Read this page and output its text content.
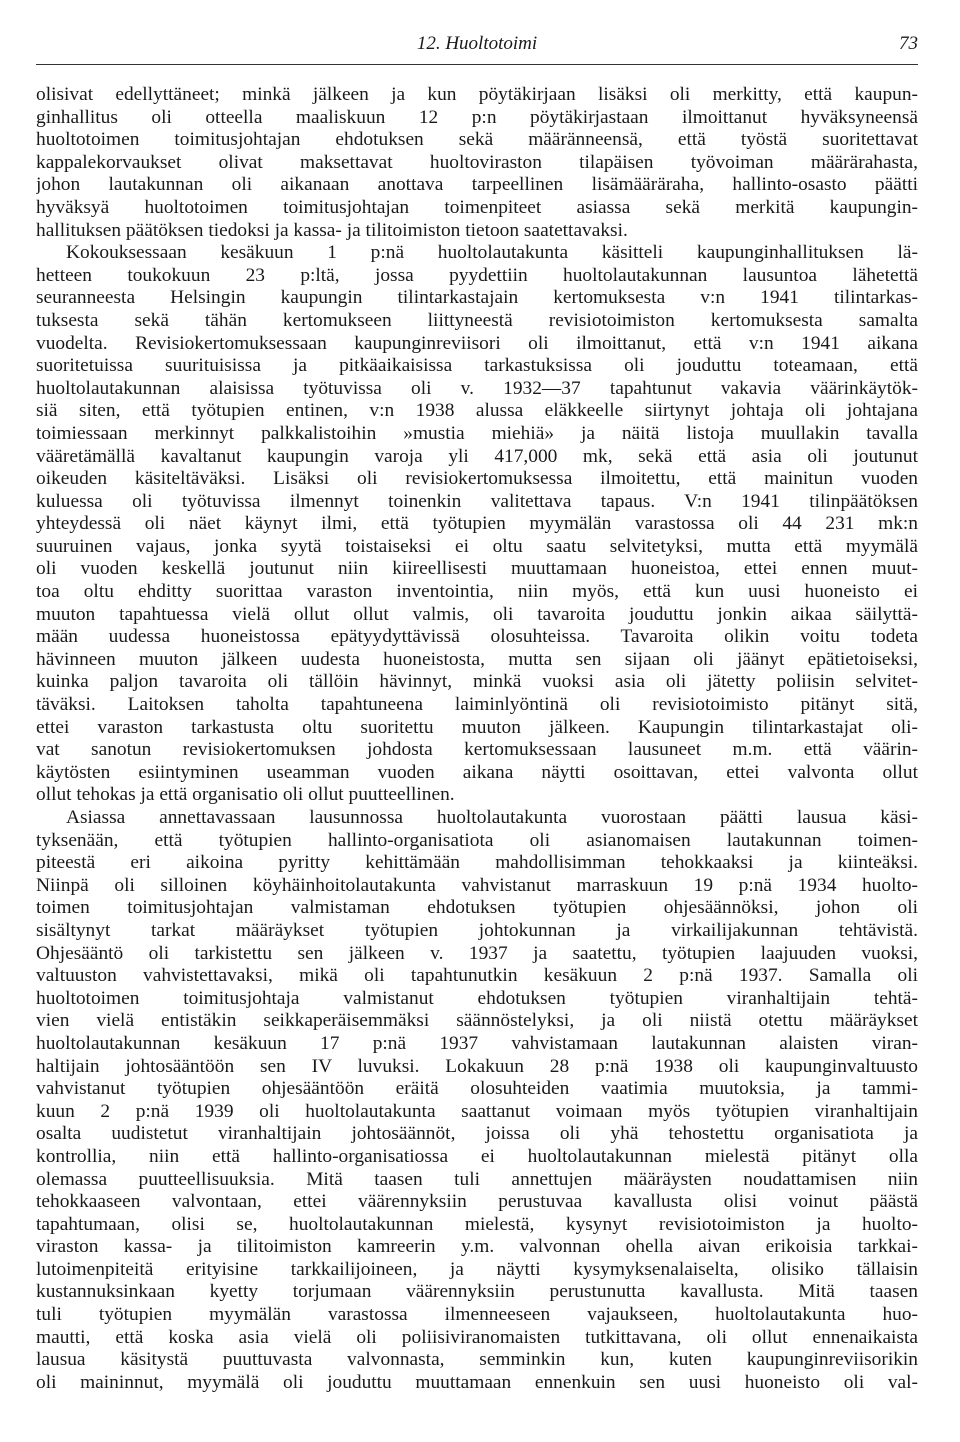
12. Huoltotoimi	73
olisivat edellyttäneet; minkä jälkeen ja kun pöytäkirjaan lisäksi oli merkitty, että kaupun-
ginhallitus oli otteella maaliskuun 12 p:n pöytäkirjastaan ilmoittanut hyväksyneensä
huoltotoimen toimitusjohtajan ehdotuksen sekä määränneensä, että työstä suoritettavat
kappalekorvaukset olivat maksettavat huoltoviraston tilapäisen työvoiman määrärahasta,
johon lautakunnan oli aikanaan anottava tarpeellinen lisämääräraha, hallinto-osasto päätti
hyväksyä huoltotoimen toimitusjohtajan toimenpiteet asiassa sekä merkitä kaupungin-
hallituksen päätöksen tiedoksi ja kassa- ja tilitoimiston tietoon saatettavaksi.
Kokouksessaan kesäkuun 1 p:nä huoltolautakunta käsitteli kaupunginhallituksen lä-
hetteen toukokuun 23 p:ltä, jossa pyydettiin huoltolautakunnan lausuntoa lähetettä
seuranneesta Helsingin kaupungin tilintarkastajain kertomuksesta v:n 1941 tilintarkas-
tuksesta sekä tähän kertomukseen liittyneestä revisiotoimiston kertomuksesta samalta
vuodelta. Revisiokertomuksessaan kaupunginreviisori oli ilmoittanut, että v:n 1941 aikana
suoritetuissa suurituisissa ja pitkäaikaisissa tarkastuksissa oli jouduttu toteamaan, että
huoltolautakunnan alaisissa työtuvissa oli v. 1932—37 tapahtunut vakavia väärinkäytök-
siä siten, että työtupien entinen, v:n 1938 alussa eläkkeelle siirtynyt johtaja oli johtajana
toimiessaan merkinnyt palkkalistoihin »mustia miehiä» ja näitä listoja muullakin tavalla
vääretämällä kavaltanut kaupungin varoja yli 417,000 mk, sekä että asia oli joutunut
oikeuden käsiteltäväksi. Lisäksi oli revisiokertomuksessa ilmoitettu, että mainitun vuoden
kuluessa oli työtuvissa ilmennyt toinenkin valitettava tapaus. V:n 1941 tilinpäätöksen
yhteydessä oli näet käynyt ilmi, että työtupien myymälän varastossa oli 44 231 mk:n
suuruinen vajaus, jonka syytä toistaiseksi ei oltu saatu selvitetyksi, mutta että myymälä
oli vuoden keskellä joutunut niin kiireellisesti muuttamaan huoneistoa, ettei ennen muut-
toa oltu ehditty suorittaa varaston inventointia, niin myös, että kun uusi huoneisto ei
muuton tapahtuessa vielä ollut ollut valmis, oli tavaroita jouduttu jonkin aikaa säilyttä-
mään uudessa huoneistossa epätyydyttävissä olosuhteissa. Tavaroita olikin voitu todeta
hävinneen muuton jälkeen uudesta huoneistosta, mutta sen sijaan oli jäänyt epätietoiseksi,
kuinka paljon tavaroita oli tällöin hävinnyt, minkä vuoksi asia oli jätetty poliisin selvitet-
täväksi. Laitoksen taholta tapahtuneena laiminlyöntinä oli revisiotoimisto pitänyt sitä,
ettei varaston tarkastusta oltu suoritettu muuton jälkeen. Kaupungin tilintarkastajat oli-
vat sanotun revisiokertomuksen johdosta kertomuksessaan lausuneet m.m. että väärin-
käytösten esiintyminen useamman vuoden aikana näytti osoittavan, ettei valvonta ollut
ollut tehokas ja että organisatio oli ollut puutteellinen.
Asiassa annettavassaan lausunnossa huoltolautakunta vuorostaan päätti lausua käsi-
tyksenään, että työtupien hallinto-organisatiota oli asianomaisen lautakunnan toimen-
piteestä eri aikoina pyritty kehittämään mahdollisimman tehokkaaksi ja kiinteäksi.
Niinpä oli silloinen köyhäinhoitolautakunta vahvistanut marraskuun 19 p:nä 1934 huolto-
toimen toimitusjohtajan valmistaman ehdotuksen työtupien ohjesäännöksi, johon oli
sisältynyt tarkat määräykset työtupien johtokunnan ja virkailijakunnan tehtävistä.
Ohjesääntö oli tarkistettu sen jälkeen v. 1937 ja saatettu, työtupien laajuuden vuoksi,
valtuuston vahvistettavaksi, mikä oli tapahtunutkin kesäkuun 2 p:nä 1937. Samalla oli
huoltotoimen toimitusjohtaja valmistanut ehdotuksen työtupien viranhaltijain tehtä-
vien vielä entistäkin seikkaperäisemmäksi säännöstelyksi, ja oli niistä otettu määräykset
huoltolautakunnan kesäkuun 17 p:nä 1937 vahvistamaan lautakunnan alaisten viran-
haltijain johtosääntöön sen IV luvuksi. Lokakuun 28 p:nä 1938 oli kaupunginvaltuusto
vahvistanut työtupien ohjesääntöön eräitä olosuhteiden vaatimia muutoksia, ja tammi-
kuun 2 p:nä 1939 oli huoltolautakunta saattanut voimaan myös työtupien viranhaltijain
osalta uudistetut viranhaltijain johtosäännöt, joissa oli yhä tehostettu organisatiota ja
kontrollia, niin että hallinto-organisatiossa ei huoltolautakunnan mielestä pitänyt olla
olemassa puutteellisuuksia. Mitä taasen tuli annettujen määräysten noudattamisen niin
tehokkaaseen valvontaan, ettei väärennyksiin perustuvaa kavallusta olisi voinut päästä
tapahtumaan, olisi se, huoltolautakunnan mielestä, kysynyt revisiotoimiston ja huolto-
viraston kassa- ja tilitoimiston kamreerin y.m. valvonnan ohella aivan erikoisia tarkkai-
lutoimenpiteitä erityisine tarkkailijoineen, ja näytti kysymyksenalaiselta, olisiko tällaisin
kustannuksinkaan kyetty torjumaan väärennyksiin perustunutta kavallusta. Mitä taasen
tuli työtupien myymälän varastossa ilmenneeseen vajaukseen, huoltolautakunta huo-
mautti, että koska asia vielä oli poliisiviranomaisten tutkittavana, oli ollut ennenaikaista
lausua käsitystä puuttuvasta valvonnasta, semminkin kun, kuten kaupunginreviisorikin
oli maininnut, myymälä oli jouduttu muuttamaan ennenkuin sen uusi huoneisto oli val-
